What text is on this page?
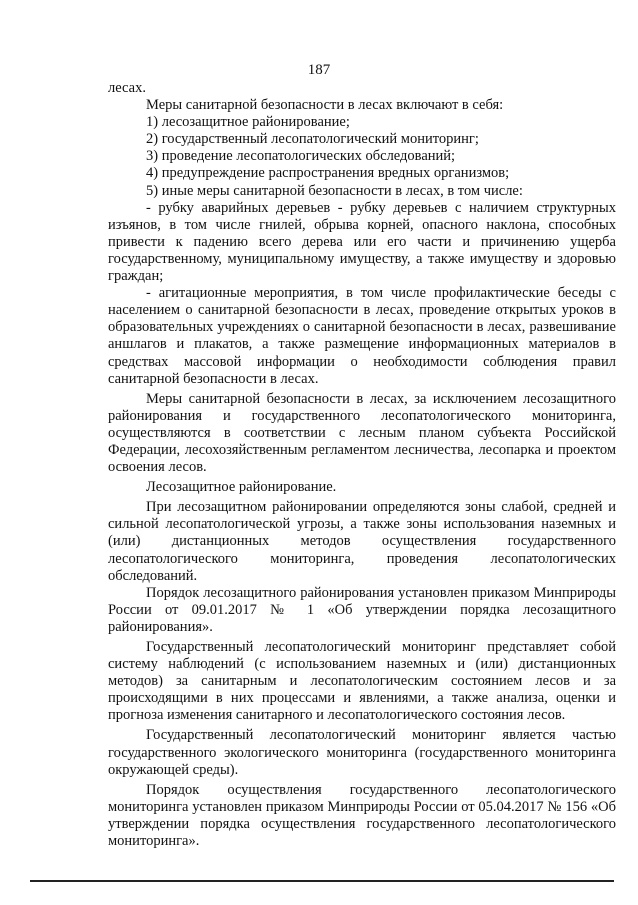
187

лесах.

Меры санитарной безопасности в лесах включают в себя:

1) лесозащитное районирование;

2) государственный лесопатологический мониторинг;

3) проведение лесопатологических обследований;

4) предупреждение распространения вредных организмов;

5) иные меры санитарной безопасности в лесах, в том числе:

- рубку аварийных деревьев - рубку деревьев с наличием структурных изъянов, в том числе гнилей, обрыва корней, опасного наклона, способных привести к падению всего дерева или его части и причинению ущерба государственному, муниципальному имуществу, а также имуществу и здоровью граждан;

- агитационные мероприятия, в том числе профилактические беседы с населением о санитарной безопасности в лесах, проведение открытых уроков в образовательных учреждениях о санитарной безопасности в лесах, развешивание аншлагов и плакатов, а также размещение информационных материалов в средствах массовой информации о необходимости соблюдения правил санитарной безопасности в лесах.

Меры санитарной безопасности в лесах, за исключением лесозащитного районирования и государственного лесопатологического мониторинга, осуществляются в соответствии с лесным планом субъекта Российской Федерации, лесохозяйственным регламентом лесничества, лесопарка и проектом освоения лесов.

Лесозащитное районирование.

При лесозащитном районировании определяются зоны слабой, средней и сильной лесопатологической угрозы, а также зоны использования наземных и (или) дистанционных методов осуществления государственного лесопатологического мониторинга, проведения лесопатологических обследований.

Порядок лесозащитного районирования установлен приказом Минприроды России от 09.01.2017 № 1 «Об утверждении порядка лесозащитного районирования».

Государственный лесопатологический мониторинг представляет собой систему наблюдений (с использованием наземных и (или) дистанционных методов) за санитарным и лесопатологическим состоянием лесов и за происходящими в них процессами и явлениями, а также анализа, оценки и прогноза изменения санитарного и лесопатологического состояния лесов.

Государственный лесопатологический мониторинг является частью государственного экологического мониторинга (государственного мониторинга окружающей среды).

Порядок осуществления государственного лесопатологического мониторинга установлен приказом Минприроды России от 05.04.2017 № 156 «Об утверждении порядка осуществления государственного лесопатологического мониторинга».
